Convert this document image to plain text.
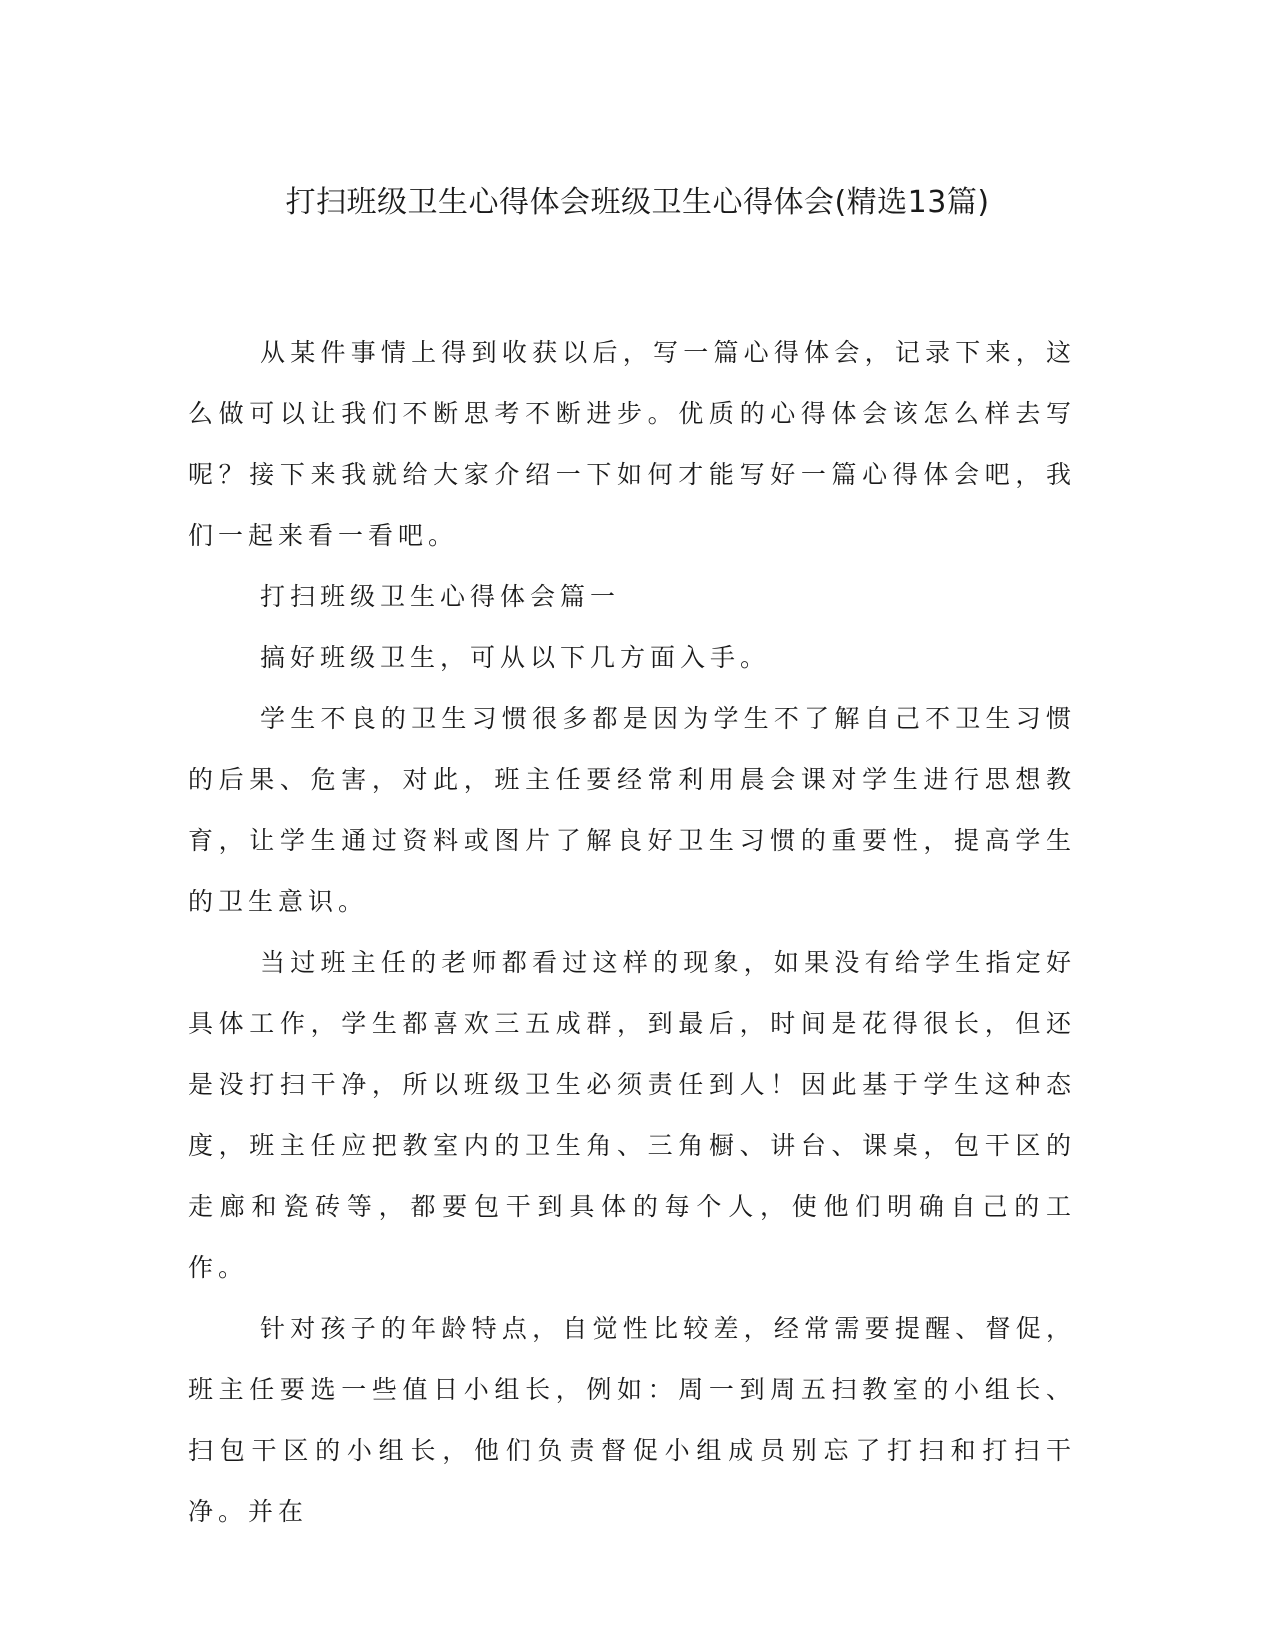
打扫班级卫生心得体会班级卫生心得体会(精选13篇)

从某件事情上得到收获以后，写一篇心得体会，记录下来，这么做可以让我们不断思考不断进步。优质的心得体会该怎么样去写呢？接下来我就给大家介绍一下如何才能写好一篇心得体会吧，我们一起来看一看吧。

打扫班级卫生心得体会篇一

搞好班级卫生，可从以下几方面入手。

学生不良的卫生习惯很多都是因为学生不了解自己不卫生习惯的后果、危害，对此，班主任要经常利用晨会课对学生进行思想教育，让学生通过资料或图片了解良好卫生习惯的重要性，提高学生的卫生意识。

当过班主任的老师都看过这样的现象，如果没有给学生指定好具体工作，学生都喜欢三五成群，到最后，时间是花得很长，但还是没打扫干净，所以班级卫生必须责任到人！因此基于学生这种态度，班主任应把教室内的卫生角、三角橱、讲台、课桌，包干区的走廊和瓷砖等，都要包干到具体的每个人，使他们明确自己的工作。

针对孩子的年龄特点，自觉性比较差，经常需要提醒、督促，班主任要选一些值日小组长，例如：周一到周五扫教室的小组长、扫包干区的小组长，他们负责督促小组成员别忘了打扫和打扫干净。并在
